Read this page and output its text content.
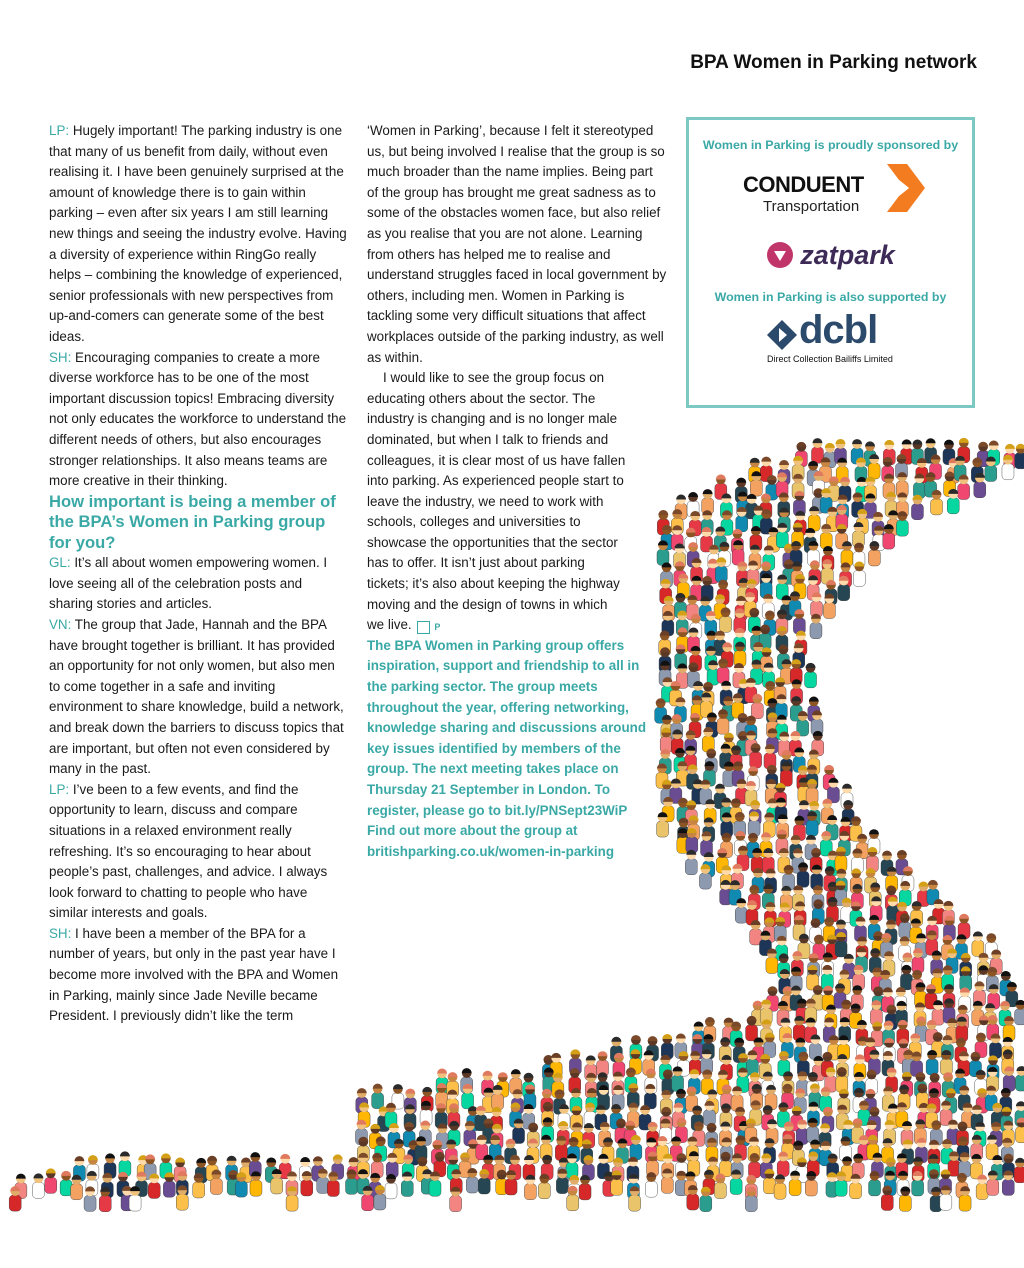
BPA Women in Parking network

LP: Hugely important! The parking industry is one that many of us benefit from daily, without even realising it. I have been genuinely surprised at the amount of knowledge there is to gain within parking – even after six years I am still learning new things and seeing the industry evolve. Having a diversity of experience within RingGo really helps – combining the knowledge of experienced, senior professionals with new perspectives from up-and-comers can generate some of the best ideas.

SH: Encouraging companies to create a more diverse workforce has to be one of the most important discussion topics! Embracing diversity not only educates the workforce to understand the different needs of others, but also encourages stronger relationships. It also means teams are more creative in their thinking.

How important is being a member of the BPA’s Women in Parking group for you?

GL: It’s all about women empowering women. I love seeing all of the celebration posts and sharing stories and articles.

VN: The group that Jade, Hannah and the BPA have brought together is brilliant. It has provided an opportunity for not only women, but also men to come together in a safe and inviting environment to share knowledge, build a network, and break down the barriers to discuss topics that are important, but often not even considered by many in the past.

LP: I’ve been to a few events, and find the opportunity to learn, discuss and compare situations in a relaxed environment really refreshing. It’s so encouraging to hear about people’s past, challenges, and advice. I always look forward to chatting to people who have similar interests and goals.

SH: I have been a member of the BPA for a number of years, but only in the past year have I become more involved with the BPA and Women in Parking, mainly since Jade Neville became President. I previously didn’t like the term

‘Women in Parking’, because I felt it stereotyped us, but being involved I realise that the group is so much broader than the name implies. Being part of the group has brought me great sadness as to some of the obstacles women face, but also relief as you realise that you are not alone. Learning from others has helped me to realise and understand struggles faced in local government by others, including men. Women in Parking is tackling some very difficult situations that affect workplaces outside of the parking industry, as well as within.

I would like to see the group focus on educating others about the sector. The industry is changing and is no longer male dominated, but when I talk to friends and colleagues, it is clear most of us have fallen into parking. As experienced people start to leave the industry, we need to work with schools, colleges and universities to showcase the opportunities that the sector has to offer. It isn’t just about parking tickets; it’s also about keeping the highway moving and the design of towns in which we live.	P

The BPA Women in Parking group offers inspiration, support and friendship to all in the parking sector. The group meets throughout the year, offering networking, knowledge sharing and discussions around key issues identified by members of the group. The next meeting takes place on Thursday 21 September in London. To register, please go to bit.ly/PNSept23WiP

Find out more about the group at britishparking.co.uk/women-in-parking

Women in Parking is proudly sponsored by
CONDUENT
Transportation
zatpark
Women in Parking is also supported by
dcbl
Direct Collection Bailiffs Limited
